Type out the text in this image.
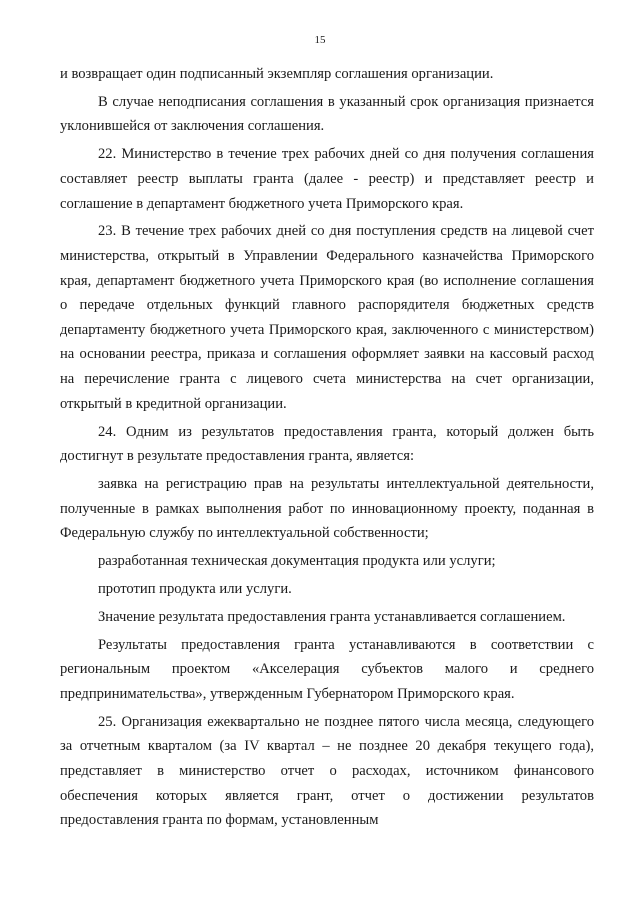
15

и возвращает один подписанный экземпляр соглашения организации.

В случае неподписания соглашения в указанный срок организация признается уклонившейся от заключения соглашения.

22. Министерство в течение трех рабочих дней со дня получения соглашения составляет реестр выплаты гранта (далее - реестр) и представляет реестр и соглашение в департамент бюджетного учета Приморского края.

23. В течение трех рабочих дней со дня поступления средств на лицевой счет министерства, открытый в Управлении Федерального казначейства Приморского края, департамент бюджетного учета Приморского края (во исполнение соглашения о передаче отдельных функций главного распорядителя бюджетных средств департаменту бюджетного учета Приморского края, заключенного с министерством) на основании реестра, приказа и соглашения оформляет заявки на кассовый расход на перечисление гранта с лицевого счета министерства на счет организации, открытый в кредитной организации.

24. Одним из результатов предоставления гранта, который должен быть достигнут в результате предоставления гранта, является:

заявка на регистрацию прав на результаты интеллектуальной деятельности, полученные в рамках выполнения работ по инновационному проекту, поданная в Федеральную службу по интеллектуальной собственности;

разработанная техническая документация продукта или услуги;

прототип продукта или услуги.

Значение результата предоставления гранта устанавливается соглашением.

Результаты предоставления гранта устанавливаются в соответствии с региональным проектом «Акселерация субъектов малого и среднего предпринимательства», утвержденным Губернатором Приморского края.

25. Организация ежеквартально не позднее пятого числа месяца, следующего за отчетным кварталом (за IV квартал – не позднее 20 декабря текущего года), представляет в министерство отчет о расходах, источником финансового обеспечения которых является грант, отчет о достижении результатов предоставления гранта по формам, установленным
